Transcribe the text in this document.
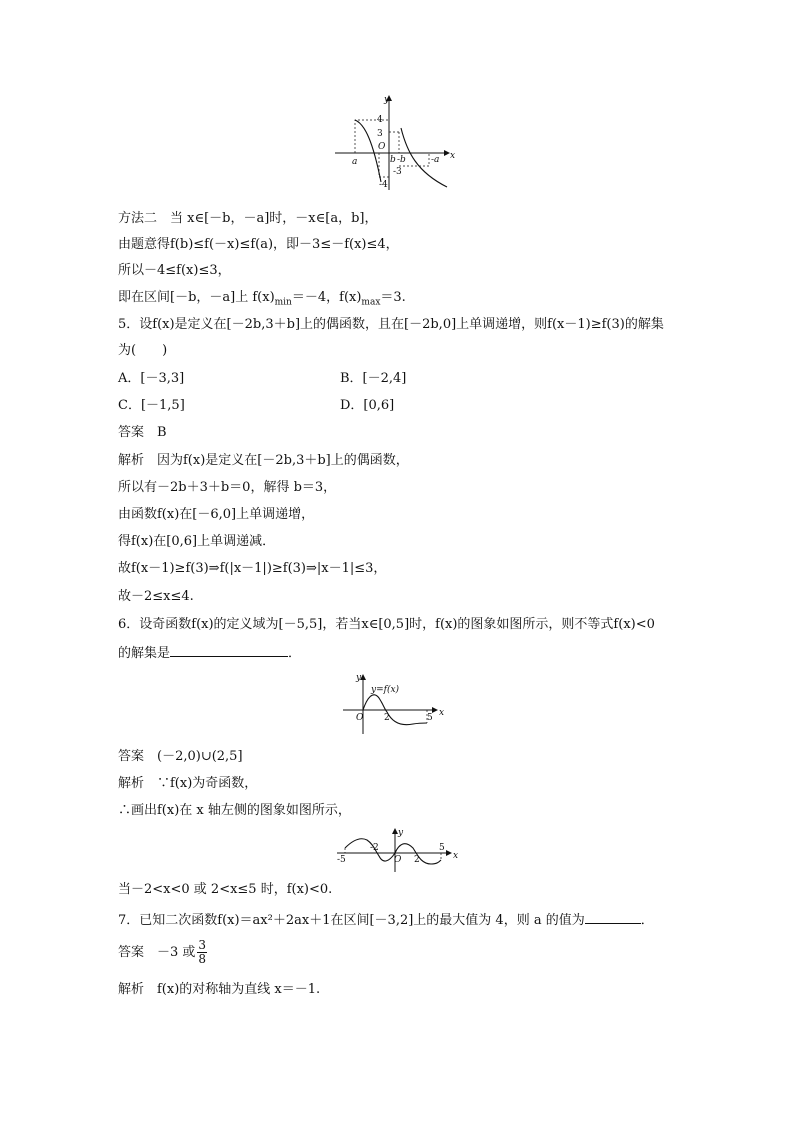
y
4
3
O
b
a	-b	-a
-3
-4
x
方法二　当 x∈[－b，－a]时，－x∈[a，b]，
由题意得f(b)≤f(－x)≤f(a)，即－3≤－f(x)≤4，
所以－4≤f(x)≤3，
即在区间[－b，－a]上 $f(x)_{min}=-4$，$f(x)_{max}=3$.
5．设f(x)是定义在[－2b,3＋b]上的偶函数，且在[－2b,0]上单调递增，则f(x－1)≥f(3)的解集
为(　　)
A．[－3,3]	B．[－2,4]
C．[－1,5]	D．[0,6]
答案　B
解析　因为f(x)是定义在[－2b,3＋b]上的偶函数，
所以有－2b＋3＋b＝0，解得 b＝3，
由函数f(x)在[－6,0]上单调递增，
得f(x)在[0,6]上单调递减．
故f(x－1)≥f(3)⇒f(|x－1|)≥f(3)⇒|x－1|≤3，
故－2≤x≤4.
6．设奇函数f(x)的定义域为[－5,5]，若当x∈[0,5]时，f(x)的图象如图所示，则不等式f(x)<0
的解集是	．
y
y=f(x)
O 2	5 x
答案　(－2,0)∪(2,5]
解析　∵f(x)为奇函数，
∴画出f(x)在 x 轴左侧的图象如图所示，
y
-5
-2
O 2
5
x
当－2<x<0 或 2<x≤5 时，f(x)<0.
7．已知二次函数f(x)＝ax²＋2ax＋1在区间[－3,2]上的最大值为 4，则 a 的值为	．
答案　－3 或 $\frac{3}{8}$
解析　f(x)的对称轴为直线 x＝－1.
